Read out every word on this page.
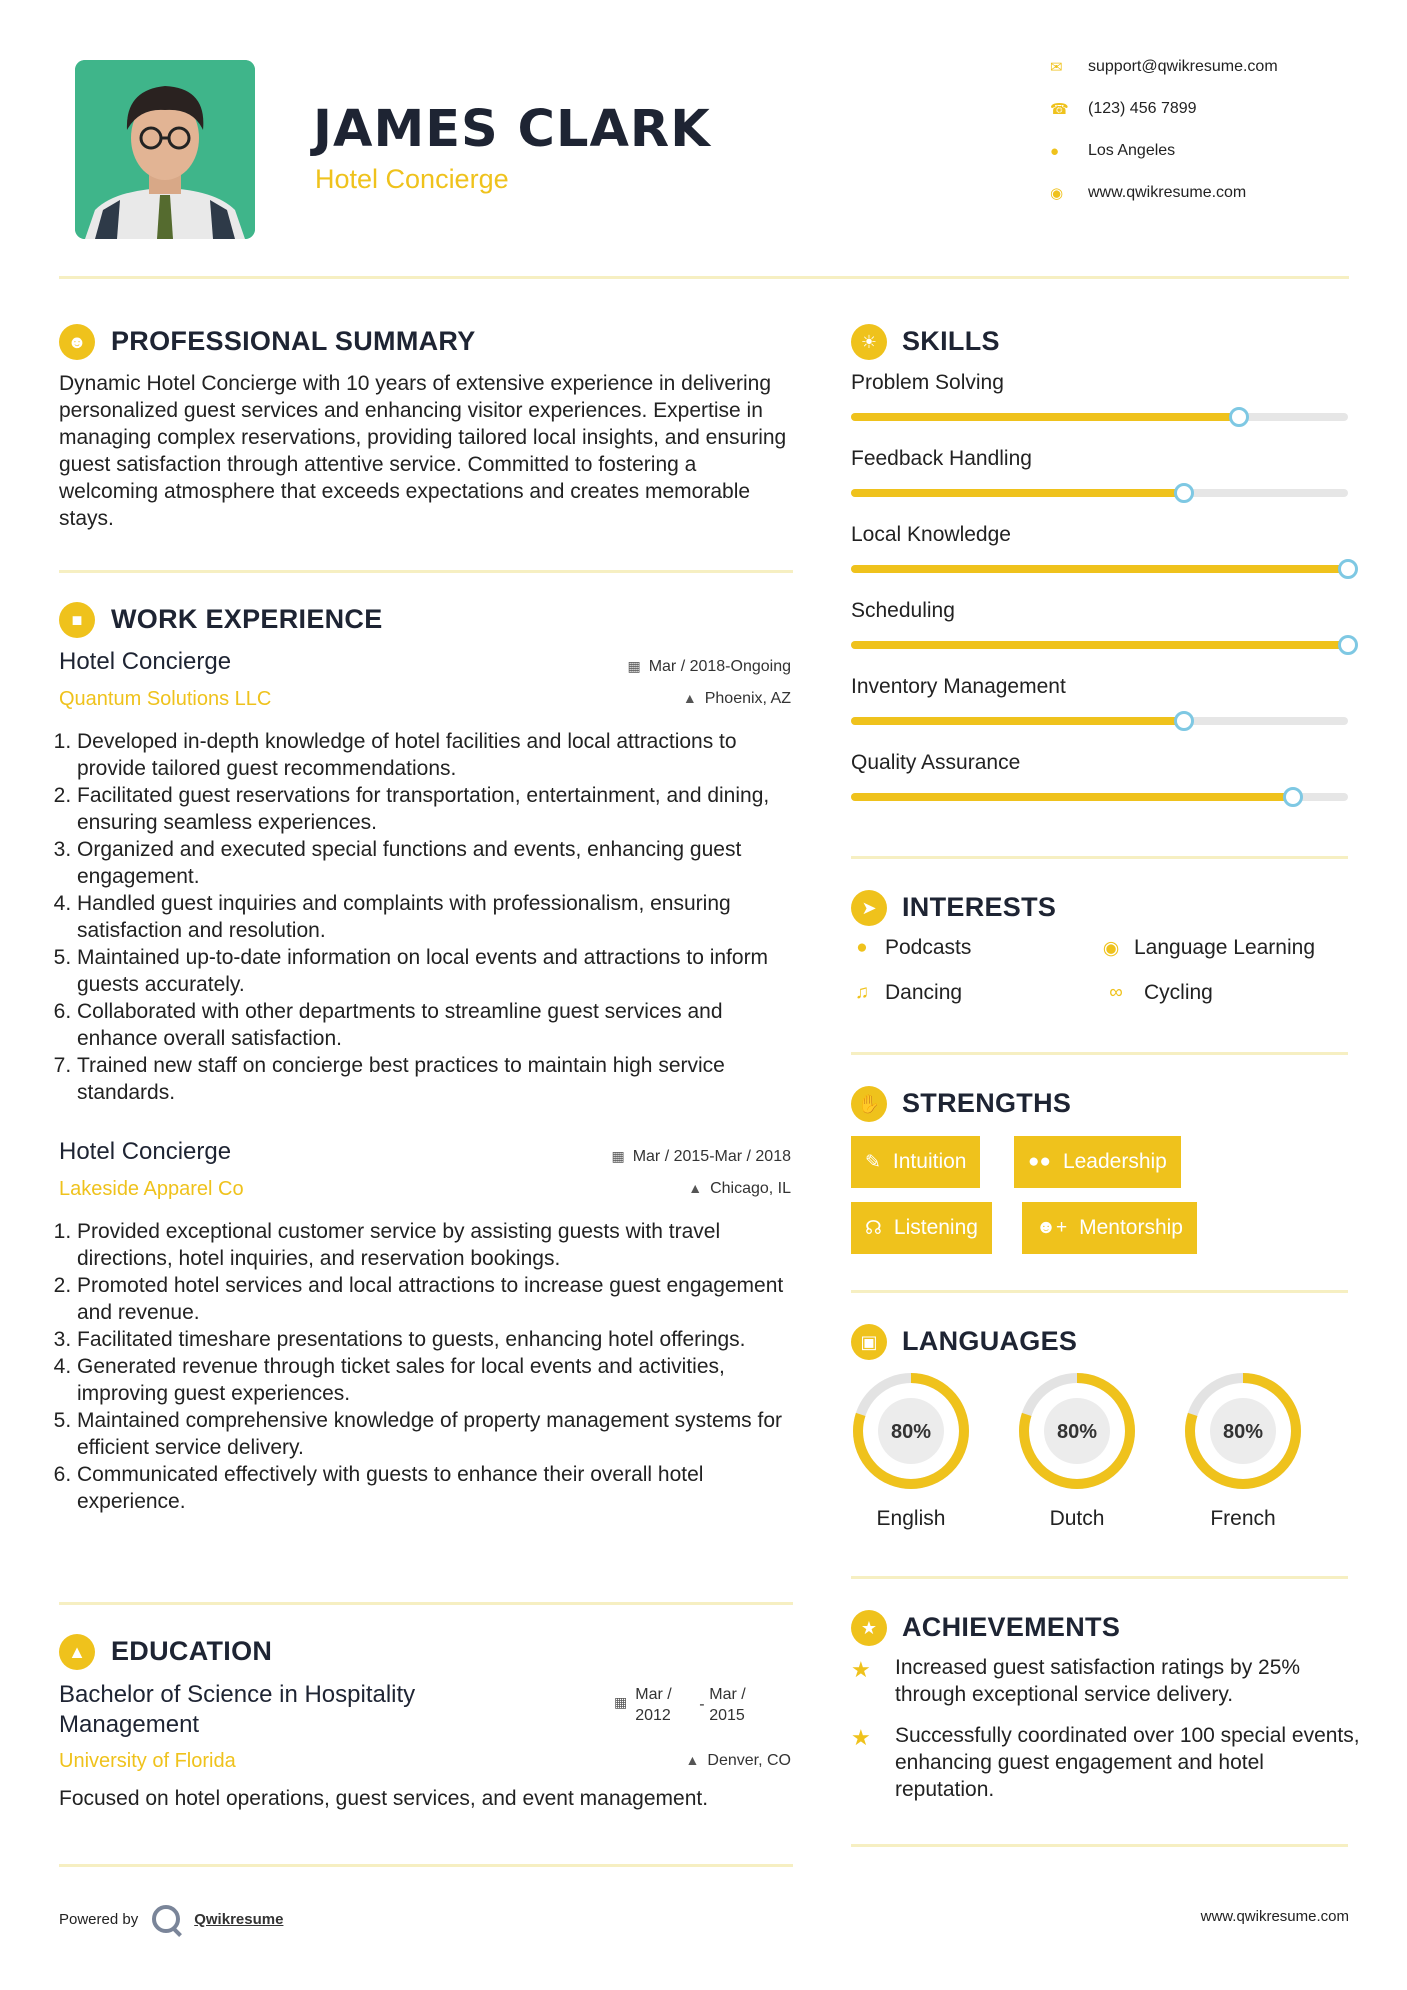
JAMES CLARK
Hotel Concierge
✉	support@qwikresume.com
☎	(123) 456 7899
●	Los Angeles
◉	www.qwikresume.com
☻ PROFESSIONAL SUMMARY
Dynamic Hotel Concierge with 10 years of extensive experience in delivering personalized guest services and enhancing visitor experiences. Expertise in managing complex reservations, providing tailored local insights, and ensuring guest satisfaction through attentive service. Committed to fostering a welcoming atmosphere that exceeds expectations and creates memorable stays.
■	WORK EXPERIENCE
Hotel Concierge
Quantum Solutions LLC
▦ Mar / 2018-Ongoing
▲ Phoenix, AZ
1. Developed in-depth knowledge of hotel facilities and local attractions to provide tailored guest recommendations.
2. Facilitated guest reservations for transportation, entertainment, and dining, ensuring seamless experiences.
3. Organized and executed special functions and events, enhancing guest engagement.
4. Handled guest inquiries and complaints with professionalism, ensuring satisfaction and resolution.
5. Maintained up-to-date information on local events and attractions to inform guests accurately.
6. Collaborated with other departments to streamline guest services and enhance overall satisfaction.
7. Trained new staff on concierge best practices to maintain high service standards.
Hotel Concierge
Lakeside Apparel Co
▦ Mar / 2015-Mar / 2018
▲ Chicago, IL
1. Provided exceptional customer service by assisting guests with travel directions, hotel inquiries, and reservation bookings.
2. Promoted hotel services and local attractions to increase guest engagement and revenue.
3. Facilitated timeshare presentations to guests, enhancing hotel offerings.
4. Generated revenue through ticket sales for local events and activities, improving guest experiences.
5. Maintained comprehensive knowledge of property management systems for efficient service delivery.
6. Communicated effectively with guests to enhance their overall hotel experience.
▲ EDUCATION
Bachelor of Science in Hospitality Management
University of Florida
▦ Mar / 2012
-
Mar / 2015
▲ Denver, CO
Focused on hotel operations, guest services, and event management.
☀ SKILLS
Problem Solving
Feedback Handling
Local Knowledge
Scheduling
Inventory Management
Quality Assurance
➤ INTERESTS
● Podcasts	◉ Language Learning
♫ Dancing	∞	Cycling
✋ STRENGTHS
✎ Intuition	●● Leadership
☊ Listening	☻+ Mentorship
▣ LANGUAGES
80%
English
80%
Dutch
80%
French
★ ACHIEVEMENTS
★	Increased guest satisfaction ratings by 25% through exceptional service delivery.
★	Successfully coordinated over 100 special events, enhancing guest engagement and hotel reputation.
Powered by	Qwikresume	www.qwikresume.com
